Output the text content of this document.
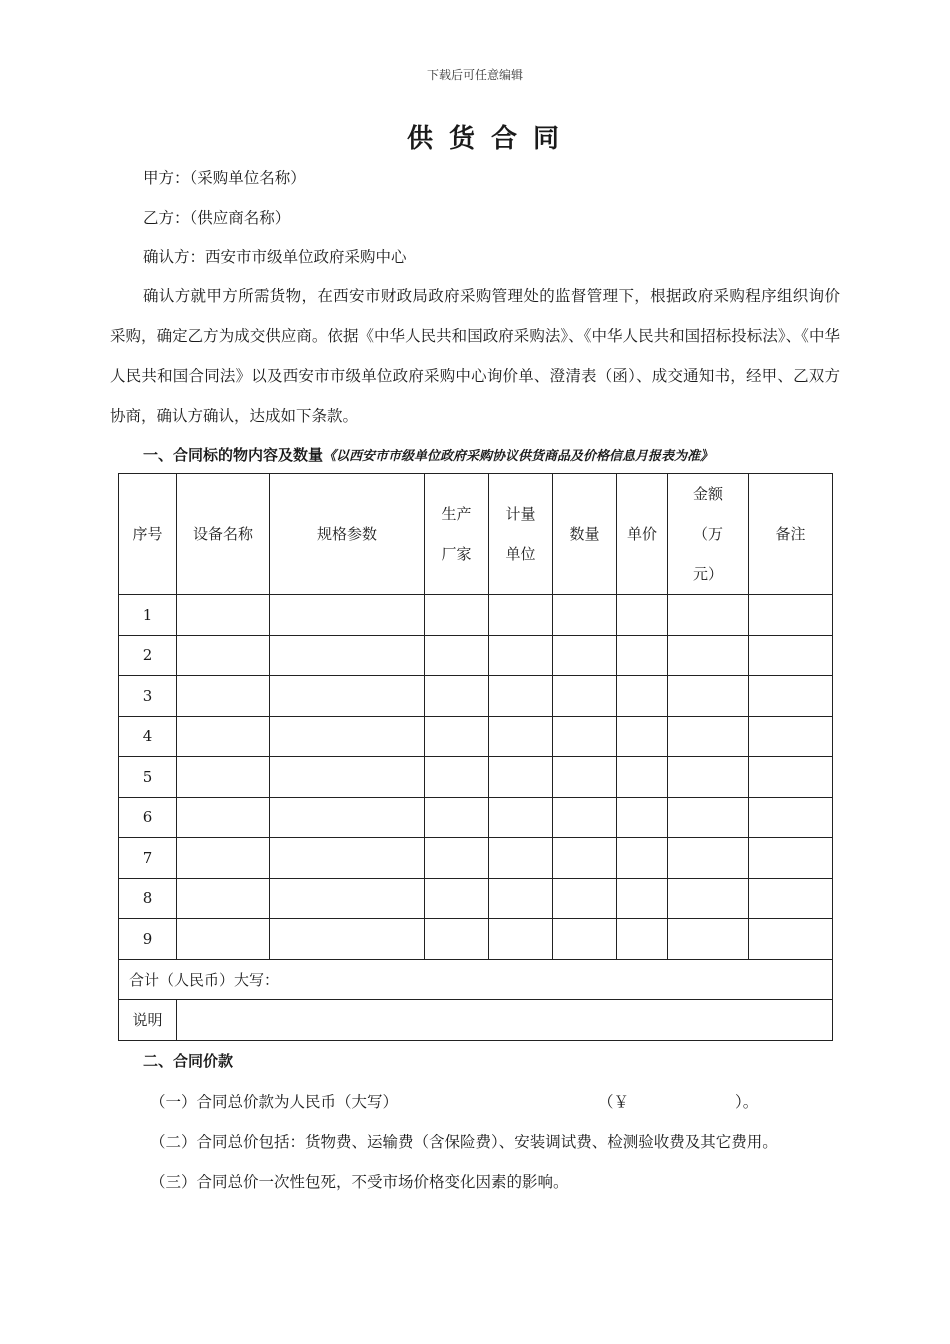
下载后可任意编辑
供货合同
甲方：（采购单位名称）
乙方：（供应商名称）
确认方：西安市市级单位政府采购中心
确认方就甲方所需货物，在西安市财政局政府采购管理处的监督管理下，根据政府采购程序组织询价采购，确定乙方为成交供应商。依据《中华人民共和国政府采购法》、《中华人民共和国招标投标法》、《中华人民共和国合同法》以及西安市市级单位政府采购中心询价单、澄清表（函）、成交通知书，经甲、乙双方协商，确认方确认，达成如下条款。
一、合同标的物内容及数量《以西安市市级单位政府采购协议供货商品及价格信息月报表为准》
序号	设备名称	规格参数	生产厂家	计量单位	数量	单价	金额（万元）	备注
1								
2								
3								
4								
5								
6								
7								
8								
9								
合计（人民币）大写：								
说明								
二、合同价款
（一）合同总价款为人民币（大写）	（￥	）。
（二）合同总价包括：货物费、运输费（含保险费）、安装调试费、检测验收费及其它费用。
（三）合同总价一次性包死，不受市场价格变化因素的影响。
